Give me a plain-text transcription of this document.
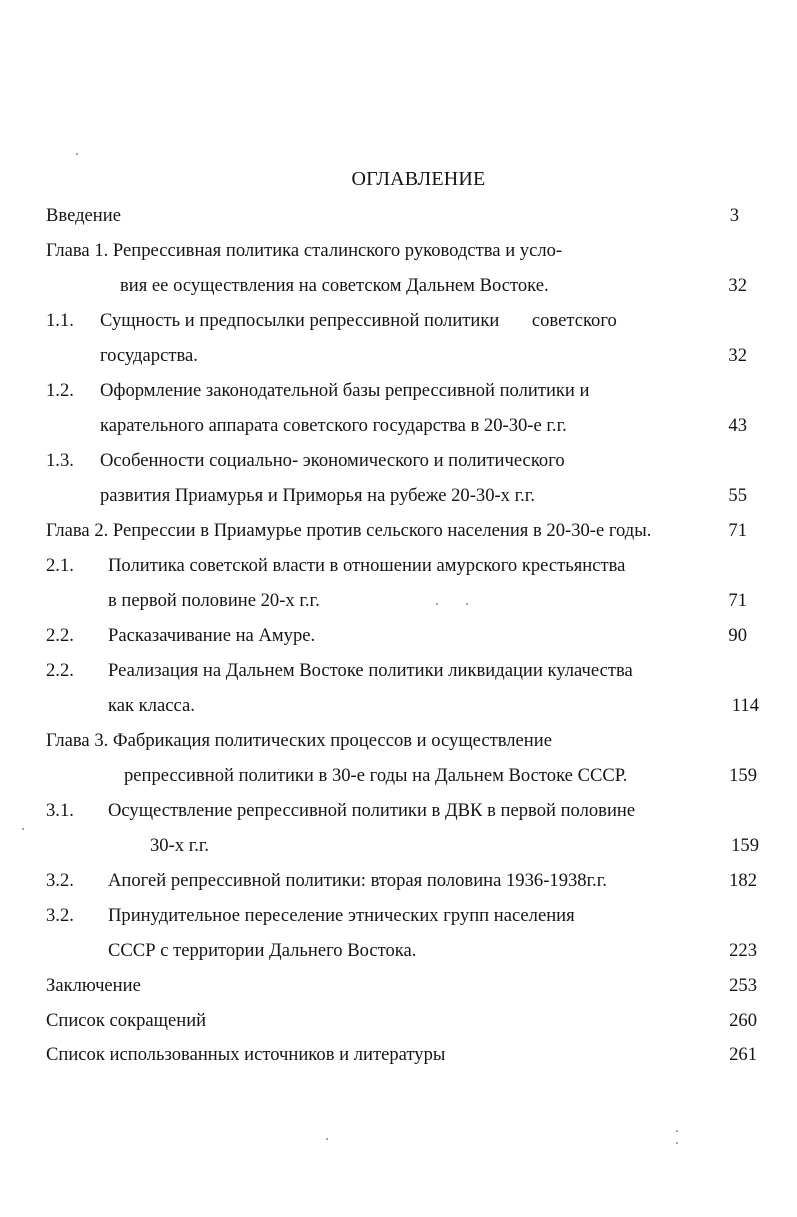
ОГЛАВЛЕНИЕ
Введение	3
Глава 1. Репрессивная политика сталинского руководства и усло-
вия ее осуществления на советском Дальнем Востоке.	32
1.1. Сущность и предпосылки репрессивной политики       советского
государства.	32
1.2. Оформление законодательной базы репрессивной политики и
карательного аппарата советского государства в 20-30-е г.г.	43
1.3. Особенности социально- экономического и политического
развития Приамурья и Приморья на рубеже 20-30-х г.г.	55
Глава 2. Репрессии в Приамурье против сельского населения в 20-30-е годы.	71
2.1. Политика советской власти в отношении амурского крестьянства
в первой половине 20-х г.г.	71
2.2. Расказачивание на Амуре.	90
2.2. Реализация на Дальнем Востоке политики ликвидации кулачества
как класса.	114
Глава 3. Фабрикация политических процессов и осуществление
репрессивной политики в 30-е годы на Дальнем Востоке СССР.	159
3.1. Осуществление репрессивной политики в ДВК в первой половине
30-х г.г.	159
3.2. Апогей репрессивной политики: вторая половина 1936-1938г.г.	182
3.2. Принудительное переселение этнических групп населения
СССР с территории Дальнего Востока.	223
Заключение	253
Список сокращений	260
Список использованных источников и литературы	261
